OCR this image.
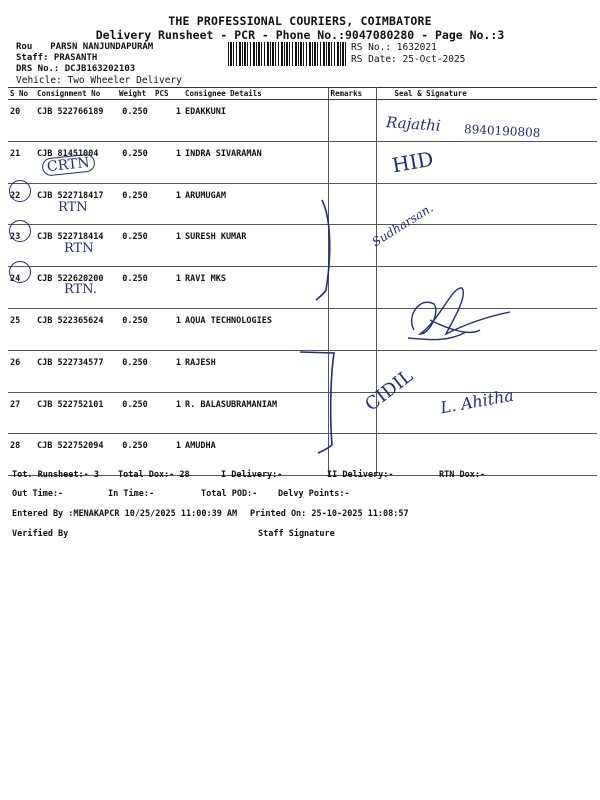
THE PROFESSIONAL COURIERS, COIMBATORE
Delivery Runsheet - PCR - Phone No.:9047080280 - Page No.:3
Rou PARSN NANJUNDAPURAM
Staff: PRASANTH
DRS No.: DCJB163202103
Vehicle: Two Wheeler Delivery
RS No.: 1632021
RS Date: 25-Oct-2025
S No	Consignment No	Weight	PCS	Consignee Details	Remarks	Seal & Signature
20	CJB 522766189	0.250	1	EDAKKUNI		
21	CJB 81451004	0.250	1	INDRA SIVARAMAN		
22	CJB 522718417	0.250	1	ARUMUGAM		
23	CJB 522718414	0.250	1	SURESH KUMAR		
24	CJB 522620200	0.250	1	RAVI MKS		
25	CJB 522365624	0.250	1	AQUA TECHNOLOGIES		
26	CJB 522734577	0.250	1	RAJESH		
27	CJB 522752101	0.250	1	R. BALASUBRAMANIAM		
28	CJB 522752094	0.250	1	AMUDHA		
Tot. Runsheet:- 3 Total Dox:- 28	I Delivery:-	II Delivery:-	RTN Dox:-
Out Time:-	In Time:-	Total POD:- Delvy Points:-
Entered By :MENAKAPCR 10/25/2025 11:00:39 AM Printed On: 25-10-2025 11:08:57
Verified By	Staff Signature
CRTN
RTN
RTN
RTN.
Rajathi 8940190808
HID
Sudharsan.
CIDIL L. Ahitha
